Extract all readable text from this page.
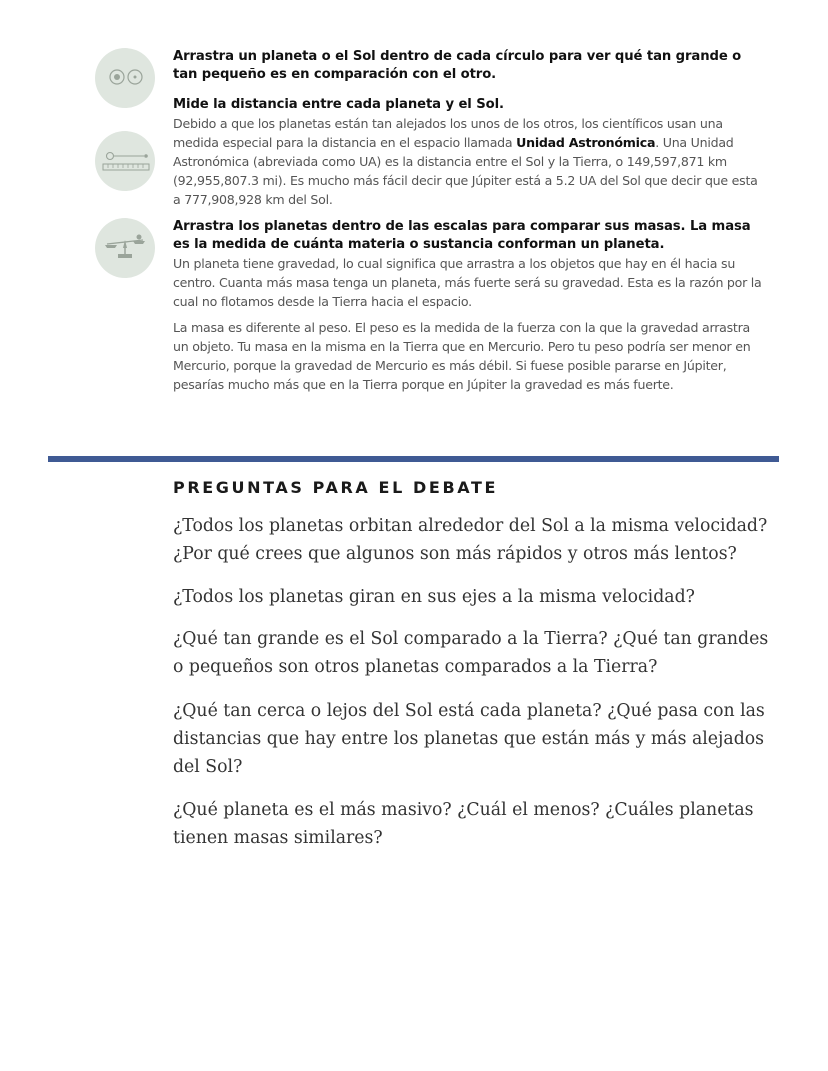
Arrastra un planeta o el Sol dentro de cada círculo para ver qué tan grande o tan pequeño es en comparación con el otro.
Mide la distancia entre cada planeta y el Sol.
Debido a que los planetas están tan alejados los unos de los otros, los científicos usan una medida especial para la distancia en el espacio llamada Unidad Astronómica. Una Unidad Astronómica (abreviada como UA) es la distancia entre el Sol y la Tierra, o 149,597,871 km (92,955,807.3 mi). Es mucho más fácil decir que Júpiter está a 5.2 UA del Sol que decir que esta a 777,908,928 km del Sol.
Arrastra los planetas dentro de las escalas para comparar sus masas. La masa es la medida de cuánta materia o sustancia conforman un planeta.
Un planeta tiene gravedad, lo cual significa que arrastra a los objetos que hay en él hacia su centro. Cuanta más masa tenga un planeta, más fuerte será su gravedad. Esta es la razón por la cual no flotamos desde la Tierra hacia el espacio.
La masa es diferente al peso. El peso es la medida de la fuerza con la que la gravedad arrastra un objeto. Tu masa en la misma en la Tierra que en Mercurio. Pero tu peso podría ser menor en Mercurio, porque la gravedad de Mercurio es más débil. Si fuese posible pararse en Júpiter, pesarías mucho más que en la Tierra porque en Júpiter la gravedad es más fuerte.
PREGUNTAS PARA EL DEBATE
¿Todos los planetas orbitan alrededor del Sol a la misma velocidad? ¿Por qué crees que algunos son más rápidos y otros más lentos?
¿Todos los planetas giran en sus ejes a la misma velocidad?
¿Qué tan grande es el Sol comparado a la Tierra? ¿Qué tan grandes o pequeños son otros planetas comparados a la Tierra?
¿Qué tan cerca o lejos del Sol está cada planeta? ¿Qué pasa con las distancias que hay entre los planetas que están más y más alejados del Sol?
¿Qué planeta es el más masivo? ¿Cuál el menos? ¿Cuáles planetas tienen masas similares?
